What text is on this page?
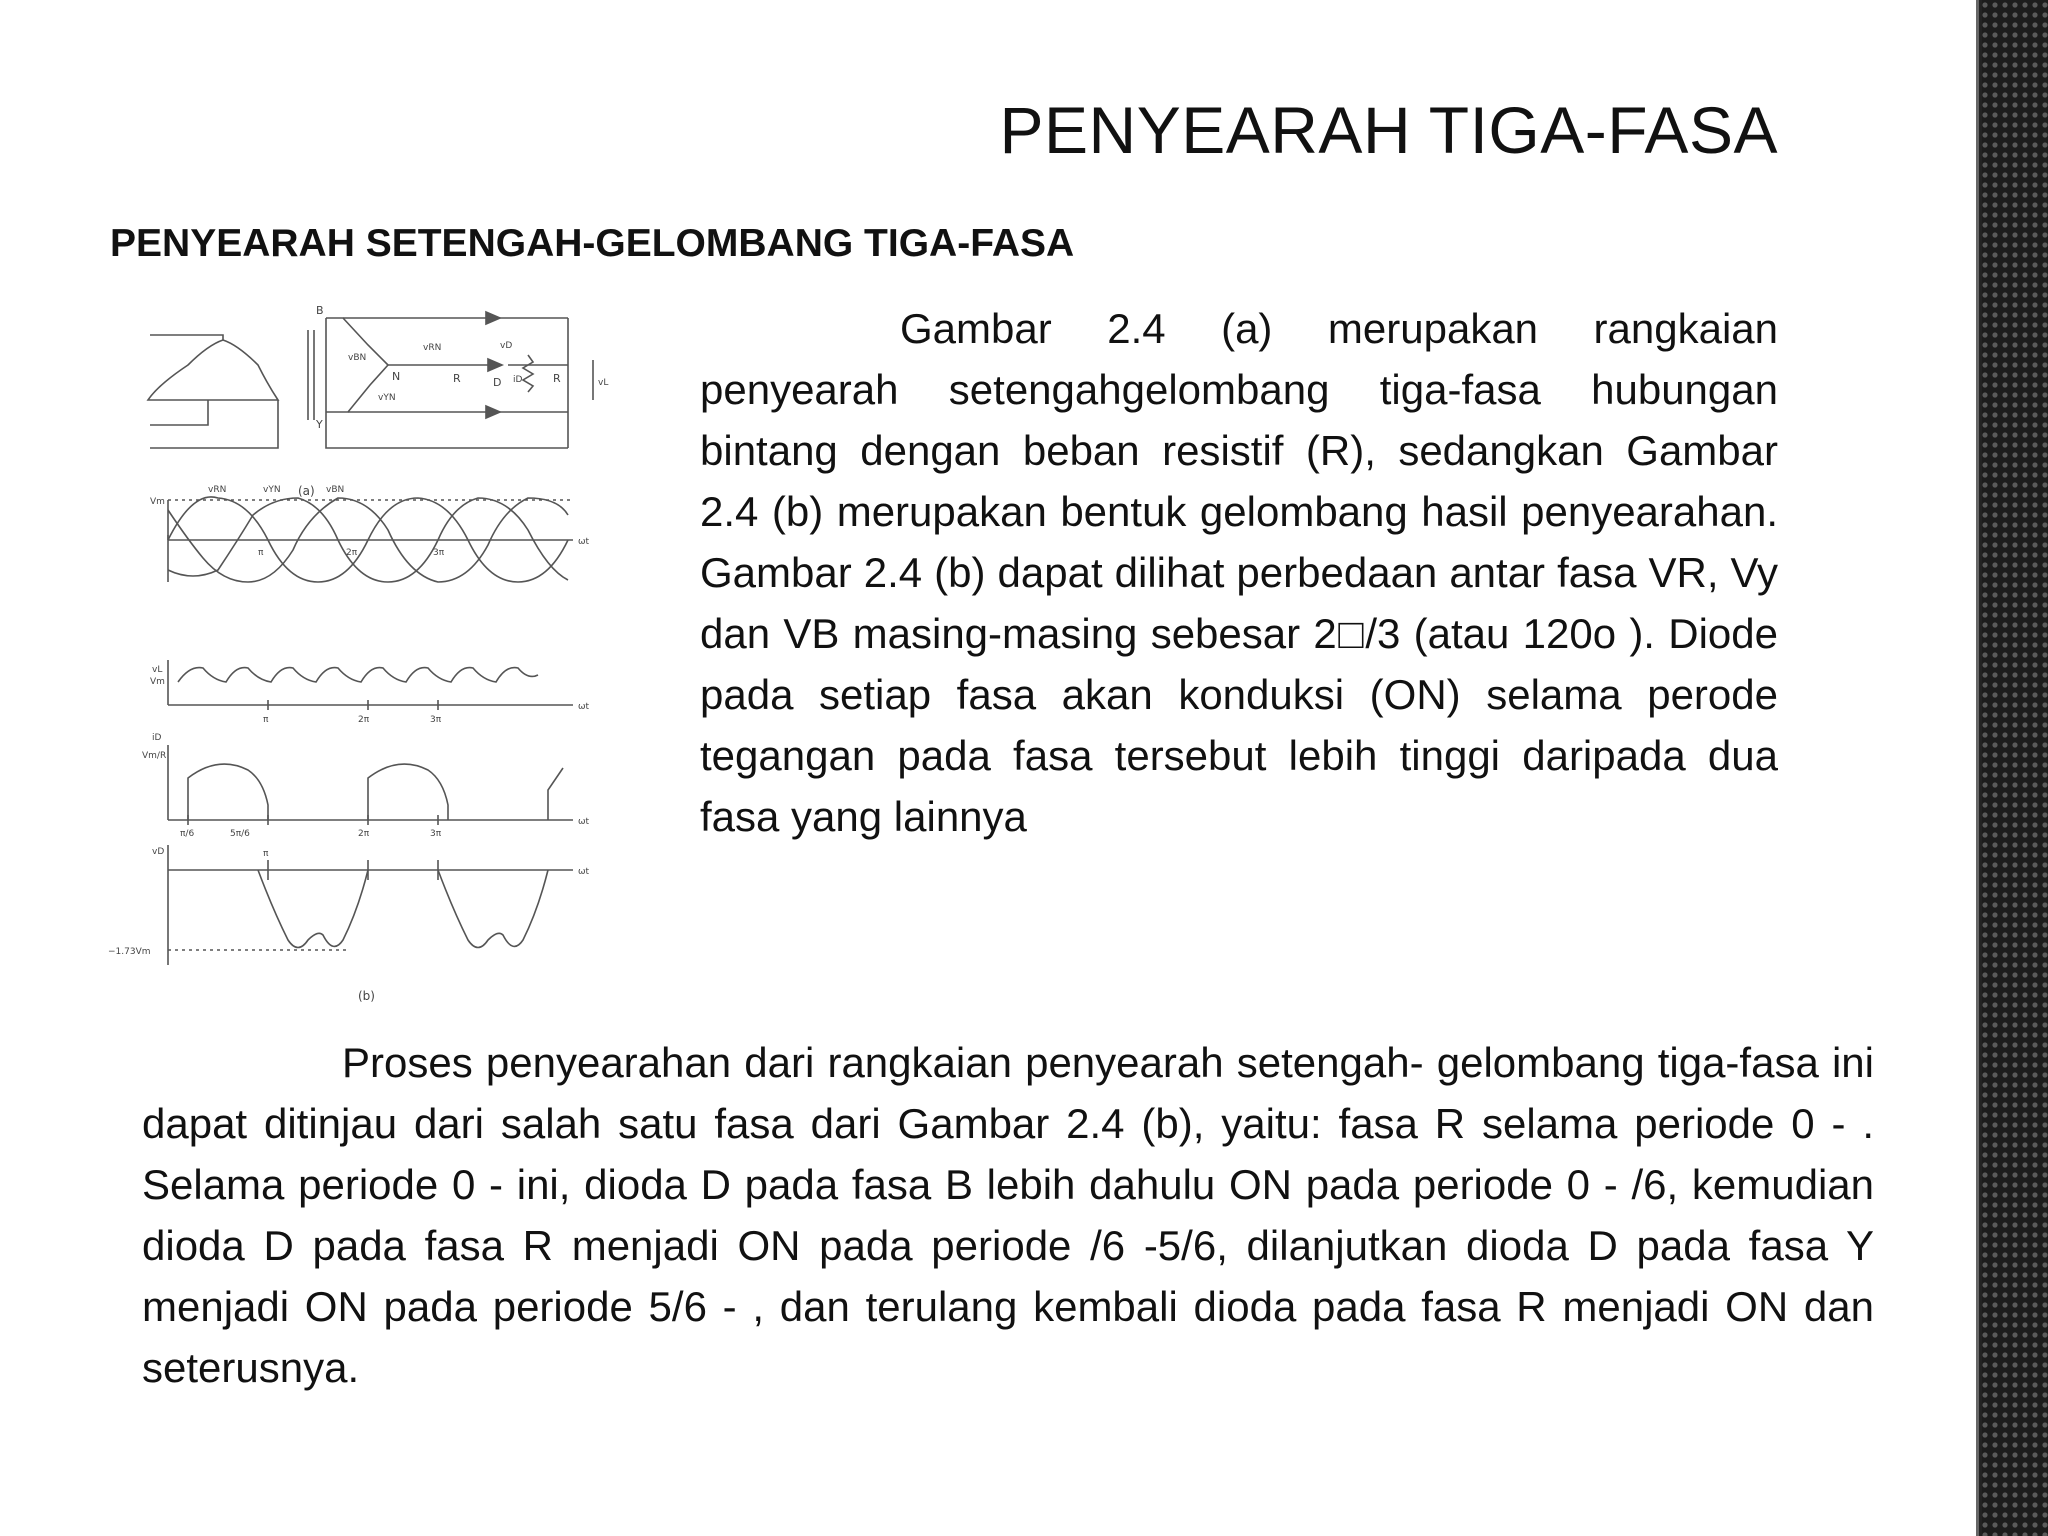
PENYEARAH TIGA-FASA
PENYEARAH SETENGAH-GELOMBANG TIGA-FASA
(a)
(b)
B
Y
N	R	D	R
vBN
vRN
vYN
vD
iD	vL
Vm
vRN	vYN	vBN
ωt
π	2π	3π
vL
Vm
ωt
π	2π	3π
iD
Vm/R
ωt
π/6	5π/6	2π	3π
vD	π
ωt
−1.73Vm

Gambar 2.4 (a) merupakan rangkaian penyearah setengahgelombang tiga-fasa hubungan bintang dengan beban resistif (R), sedangkan Gambar 2.4 (b) merupakan bentuk gelombang hasil penyearahan. Gambar 2.4 (b) dapat dilihat perbedaan antar fasa VR, Vy dan VB masing-masing sebesar 2□/3 (atau 120o ). Diode pada setiap fasa akan konduksi (ON) selama perode tegangan pada fasa tersebut lebih tinggi daripada dua fasa yang lainnya

Proses penyearahan dari rangkaian penyearah setengah- gelombang tiga-fasa ini dapat ditinjau dari salah satu fasa dari Gambar 2.4 (b), yaitu: fasa R selama periode 0 - . Selama periode 0 - ini, dioda D pada fasa B lebih dahulu ON pada periode 0 - /6, kemudian dioda D pada fasa R menjadi ON pada periode /6 -5/6, dilanjutkan dioda D pada fasa Y menjadi ON pada periode 5/6 - , dan terulang kembali dioda pada fasa R menjadi ON dan seterusnya.
